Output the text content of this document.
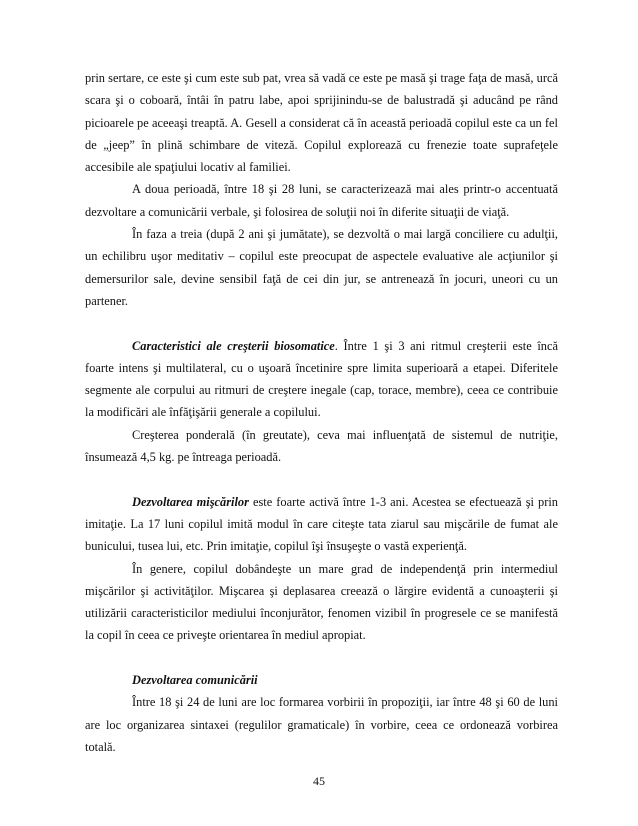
prin sertare, ce este şi cum este sub pat, vrea să vadă ce este pe masă şi trage faţa de masă, urcă scara şi o coboară, întâi în patru labe, apoi sprijinindu-se de balustradă şi aducând pe rând picioarele pe aceeaşi treaptă. A. Gesell a considerat că în această perioadă copilul este ca un fel de „jeep” în plină schimbare de viteză. Copilul explorează cu frenezie toate suprafeţele accesibile ale spaţiului locativ al familiei.

A doua perioadă, între 18 şi 28 luni, se caracterizează mai ales printr-o accentuată dezvoltare a comunicării verbale, şi folosirea de soluţii noi în diferite situaţii de viaţă.

În faza a treia (după 2 ani şi jumătate), se dezvoltă o mai largă conciliere cu adulţii, un echilibru uşor meditativ – copilul este preocupat de aspectele evaluative ale acţiunilor şi demersurilor sale, devine sensibil faţă de cei din jur, se antrenează în jocuri, uneori cu un partener.

Caracteristici ale creşterii biosomatice. Între 1 şi 3 ani ritmul creşterii este încă foarte intens şi multilateral, cu o uşoară încetinire spre limita superioară a etapei. Diferitele segmente ale corpului au ritmuri de creştere inegale (cap, torace, membre), ceea ce contribuie la modificări ale înfăţişării generale a copilului.

Creşterea ponderală (în greutate), ceva mai influenţată de sistemul de nutriţie, însumează 4,5 kg. pe întreaga perioadă.

Dezvoltarea mişcărilor este foarte activă între 1-3 ani. Acestea se efectuează şi prin imitaţie. La 17 luni copilul imită modul în care citeşte tata ziarul sau mişcările de fumat ale bunicului, tusea lui, etc. Prin imitaţie, copilul îşi însuşeşte o vastă experienţă.

În genere, copilul dobândeşte un mare grad de independenţă prin intermediul mişcărilor şi activităţilor. Mişcarea şi deplasarea creează o lărgire evidentă a cunoaşterii şi utilizării caracteristicilor mediului înconjurător, fenomen vizibil în progresele ce se manifestă la copil în ceea ce priveşte orientarea în mediul apropiat.

Dezvoltarea comunicării

Între 18 şi 24 de luni are loc formarea vorbirii în propoziţii, iar între 48 şi 60 de luni are loc organizarea sintaxei (regulilor gramaticale) în vorbire, ceea ce ordonează vorbirea totală.

45
